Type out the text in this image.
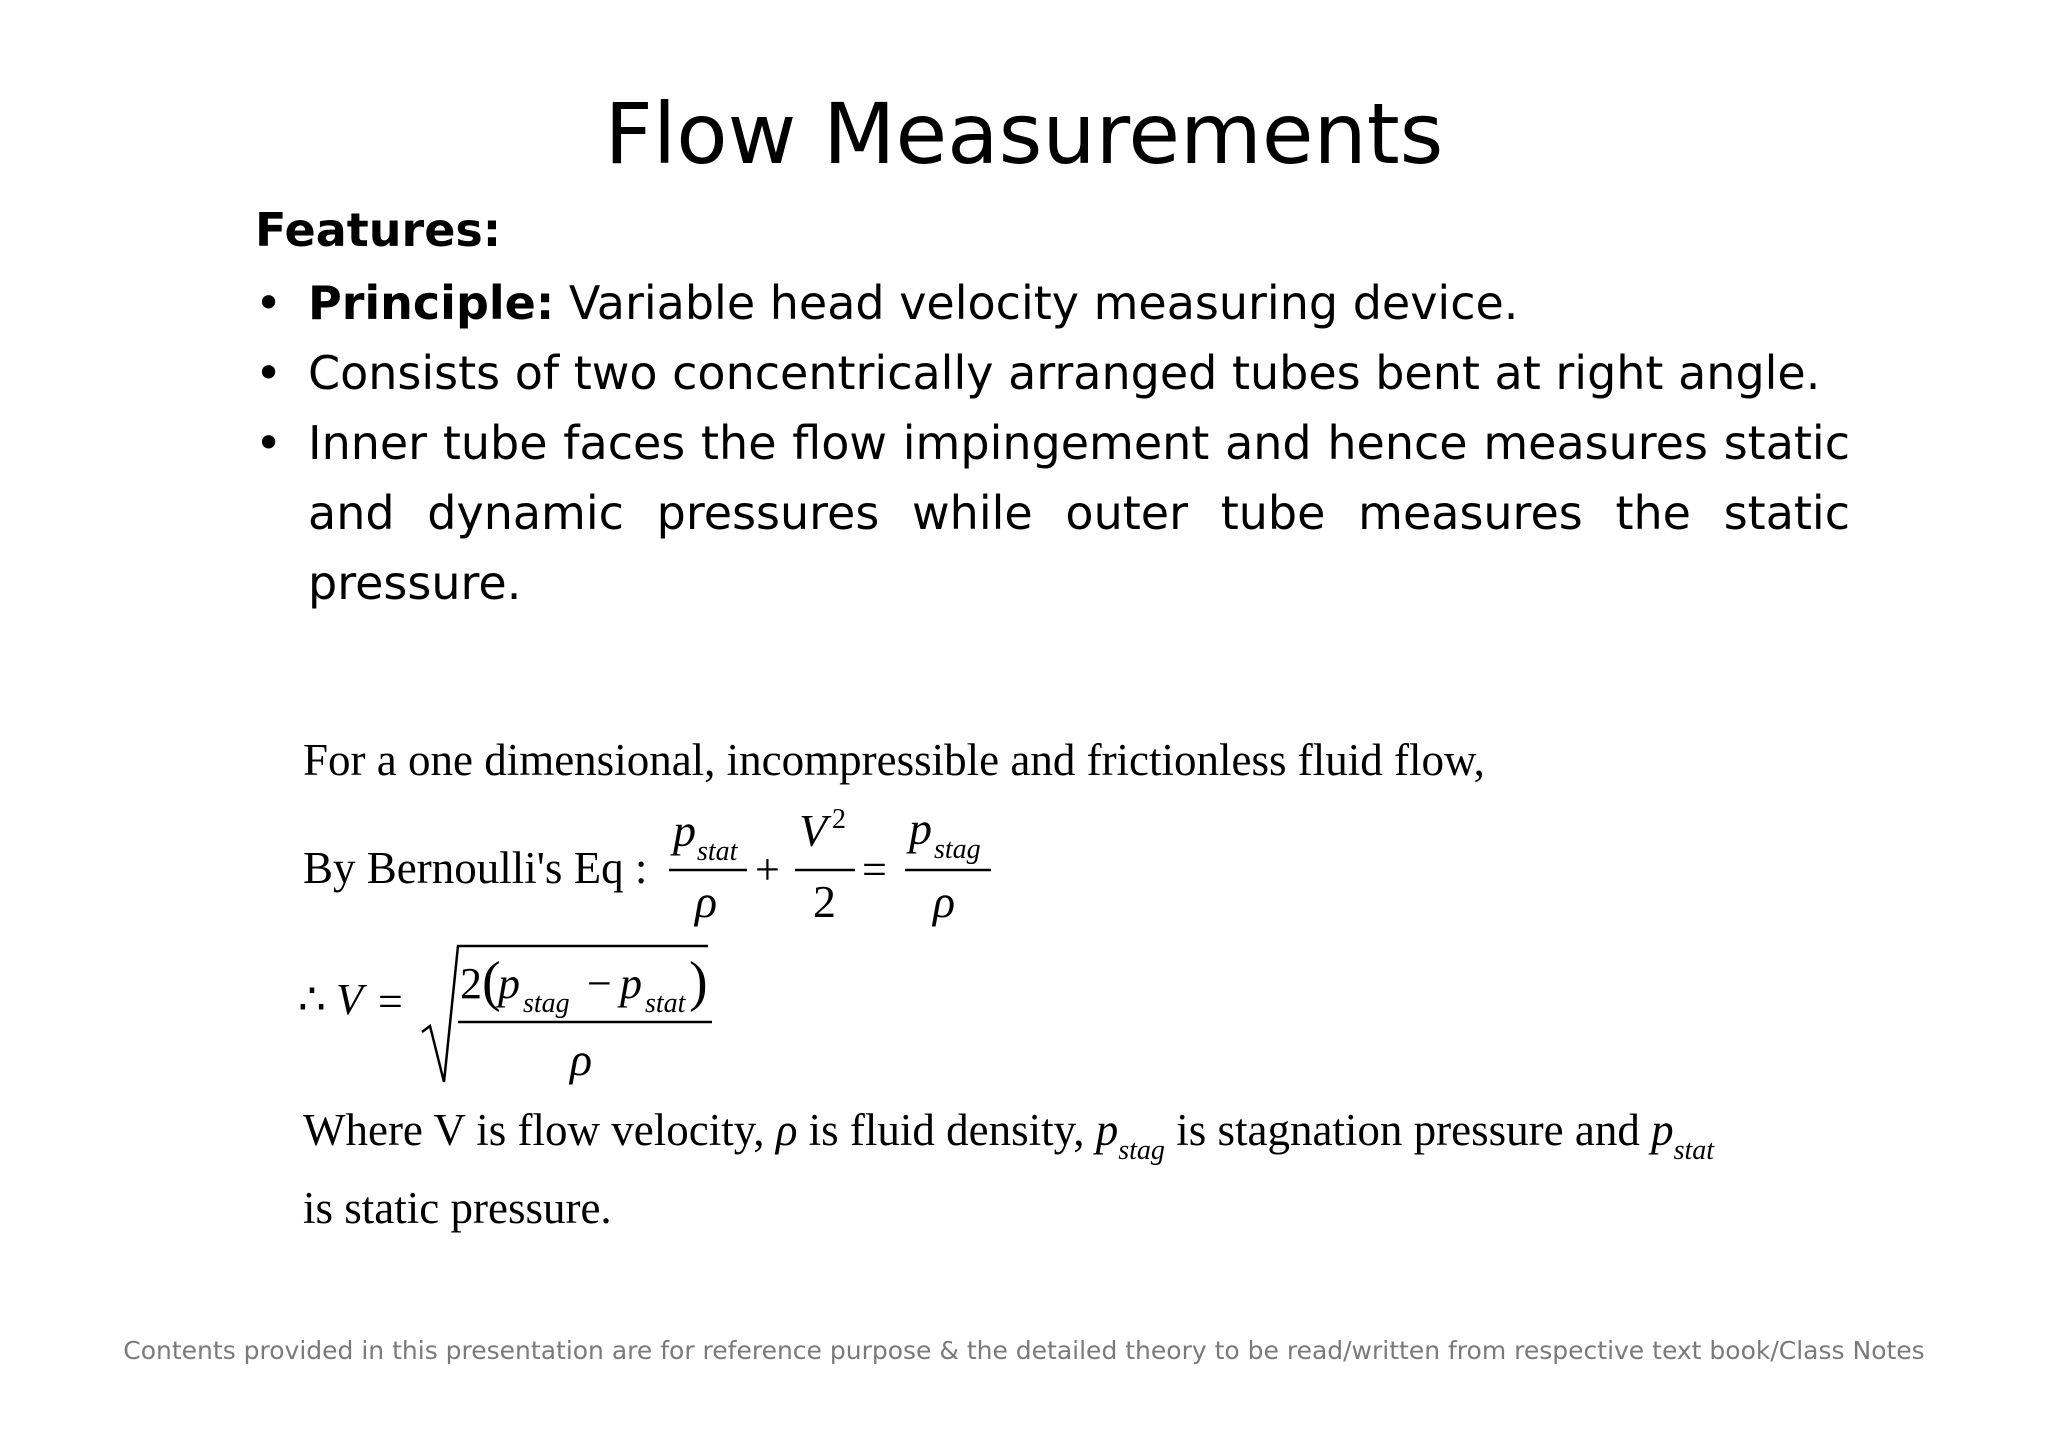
Flow Measurements
Features:
• Principle: Variable head velocity measuring device.
• Consists of two concentrically arranged tubes bent at right angle.
• Inner tube faces the flow impingement and hence measures static and dynamic pressures while outer tube measures the static pressure.
For a one dimensional, incompressible and frictionless fluid flow,
By Bernoulli's Eq :
p stat
ρ
+
V 2
2
=
p stag
ρ
∴ V = 2 (
p stag − p stat )
ρ
Where V is flow velocity, ρ is fluid density, $p_{stag}$ is stagnation pressure and $p_{stat}$
is static pressure.
Contents provided in this presentation are for reference purpose & the detailed theory to be read/written from respective text book/Class Notes
